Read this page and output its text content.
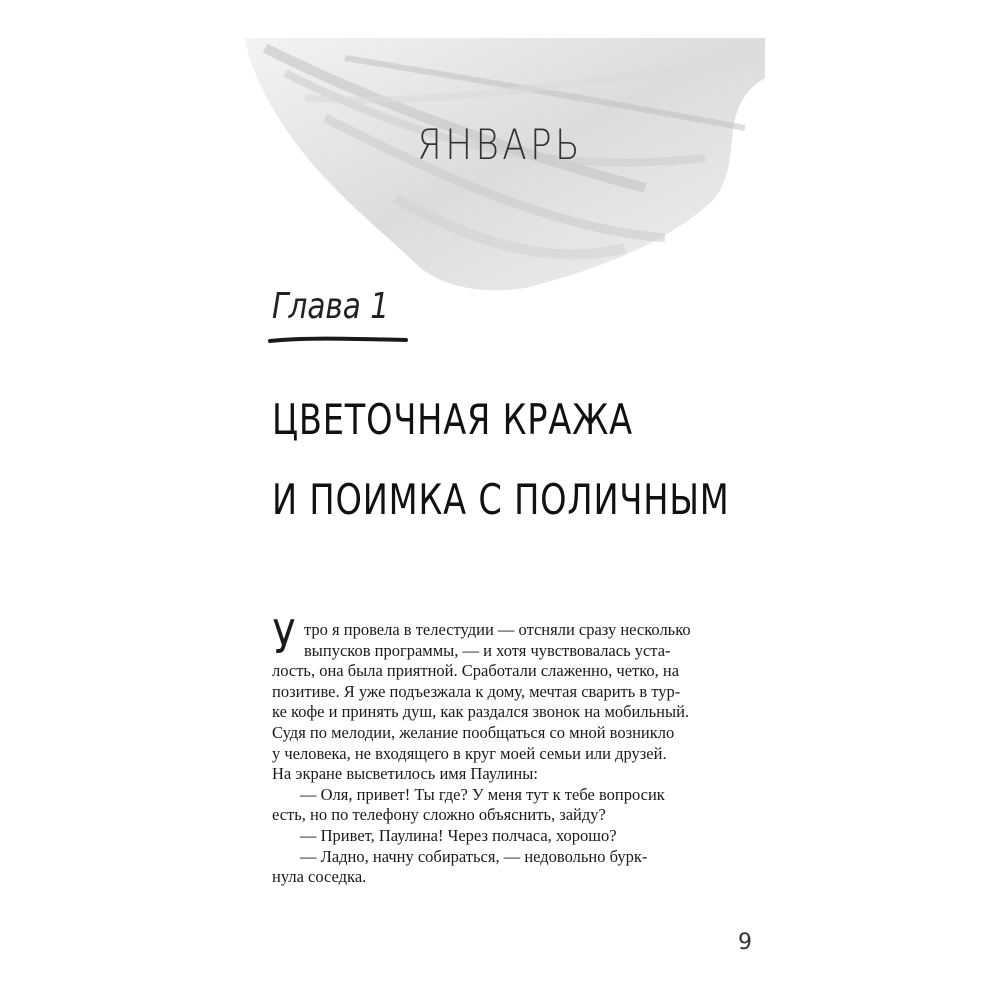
ЯНВАРЬ
Глава 1
ЦВЕТОЧНАЯ КРАЖА
И ПОИМКА С ПОЛИЧНЫМ
У тро я провела в телестудии — отсняли сразу несколько
выпусков программы, — и хотя чувствовалась уста-
лость, она была приятной. Сработали слаженно, четко, на
позитиве. Я уже подъезжала к дому, мечтая сварить в тур-
ке кофе и принять душ, как раздался звонок на мобильный.
Судя по мелодии, желание пообщаться со мной возникло
у человека, не входящего в круг моей семьи или друзей.
На экране высветилось имя Паулины:
— Оля, привет! Ты где? У меня тут к тебе вопросик
есть, но по телефону сложно объяснить, зайду?
— Привет, Паулина! Через полчаса, хорошо?
— Ладно, начну собираться, — недовольно бурк-
нула соседка.
9
